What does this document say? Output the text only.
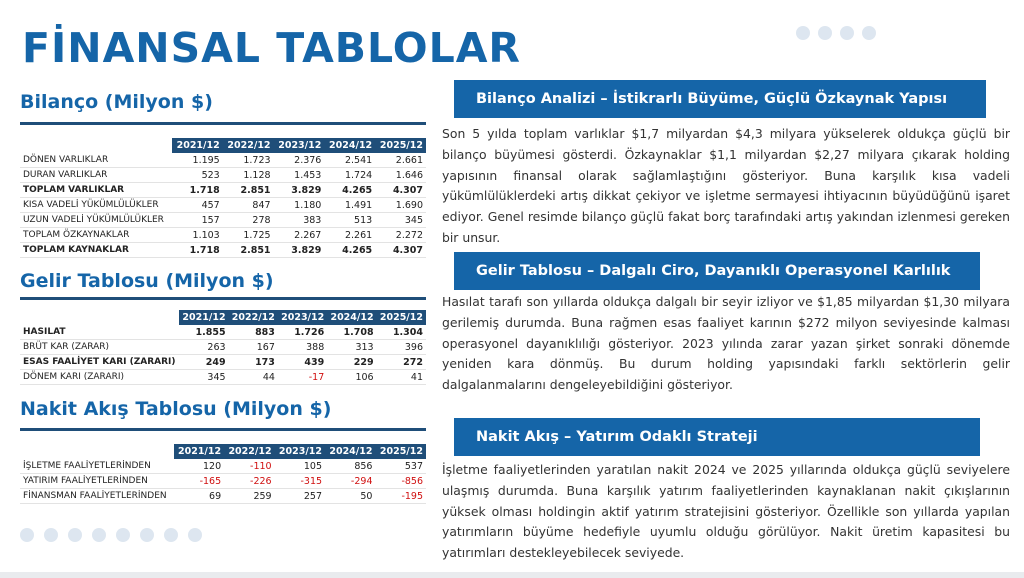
FİNANSAL TABLOLAR
Bilanço (Milyon $)
	2021/12	2022/12	2023/12	2024/12	2025/12
DÖNEN VARLIKLAR	1.195	1.723	2.376	2.541	2.661
DURAN VARLIKLAR	523	1.128	1.453	1.724	1.646
TOPLAM VARLIKLAR	1.718	2.851	3.829	4.265	4.307
KISA VADELİ YÜKÜMLÜLÜKLER	457	847	1.180	1.491	1.690
UZUN VADELİ YÜKÜMLÜLÜKLER	157	278	383	513	345
TOPLAM ÖZKAYNAKLAR	1.103	1.725	2.267	2.261	2.272
TOPLAM KAYNAKLAR	1.718	2.851	3.829	4.265	4.307
Gelir Tablosu (Milyon $)
	2021/12	2022/12	2023/12	2024/12	2025/12
HASILAT	1.855	883	1.726	1.708	1.304
BRÜT KAR (ZARAR)	263	167	388	313	396
ESAS FAALİYET KARI (ZARARI)	249	173	439	229	272
DÖNEM KARI (ZARARI)	345	44	-17	106	41
Nakit Akış Tablosu (Milyon $)
	2021/12	2022/12	2023/12	2024/12	2025/12
İŞLETME FAALİYETLERİNDEN	120	-110	105	856	537
YATIRIM FAALİYETLERİNDEN	-165	-226	-315	-294	-856
FİNANSMAN FAALİYETLERİNDEN	69	259	257	50	-195
Bilanço Analizi – İstikrarlı Büyüme, Güçlü Özkaynak Yapısı

Son 5 yılda toplam varlıklar $1,7 milyardan $4,3 milyara yükselerek oldukça güçlü bir bilanço büyümesi gösterdi. Özkaynaklar $1,1 milyardan $2,27 milyara çıkarak holding yapısının finansal olarak sağlamlaştığını gösteriyor. Buna karşılık kısa vadeli yükümlülüklerdeki artış dikkat çekiyor ve işletme sermayesi ihtiyacının büyüdüğünü işaret ediyor. Genel resimde bilanço güçlü fakat borç tarafındaki artış yakından izlenmesi gereken bir unsur.

Gelir Tablosu – Dalgalı Ciro, Dayanıklı Operasyonel Karlılık

Hasılat tarafı son yıllarda oldukça dalgalı bir seyir izliyor ve $1,85 milyardan $1,30 milyara gerilemiş durumda. Buna rağmen esas faaliyet karının $272 milyon seviyesinde kalması operasyonel dayanıklılığı gösteriyor. 2023 yılında zarar yazan şirket sonraki dönemde yeniden kara dönmüş. Bu durum holding yapısındaki farklı sektörlerin gelir dalgalanmalarını dengeleyebildiğini gösteriyor.

Nakit Akış – Yatırım Odaklı Strateji

İşletme faaliyetlerinden yaratılan nakit 2024 ve 2025 yıllarında oldukça güçlü seviyelere ulaşmış durumda. Buna karşılık yatırım faaliyetlerinden kaynaklanan nakit çıkışlarının yüksek olması holdingin aktif yatırım stratejisini gösteriyor. Özellikle son yıllarda yapılan yatırımların büyüme hedefiyle uyumlu olduğu görülüyor. Nakit üretim kapasitesi bu yatırımları destekleyebilecek seviyede.
